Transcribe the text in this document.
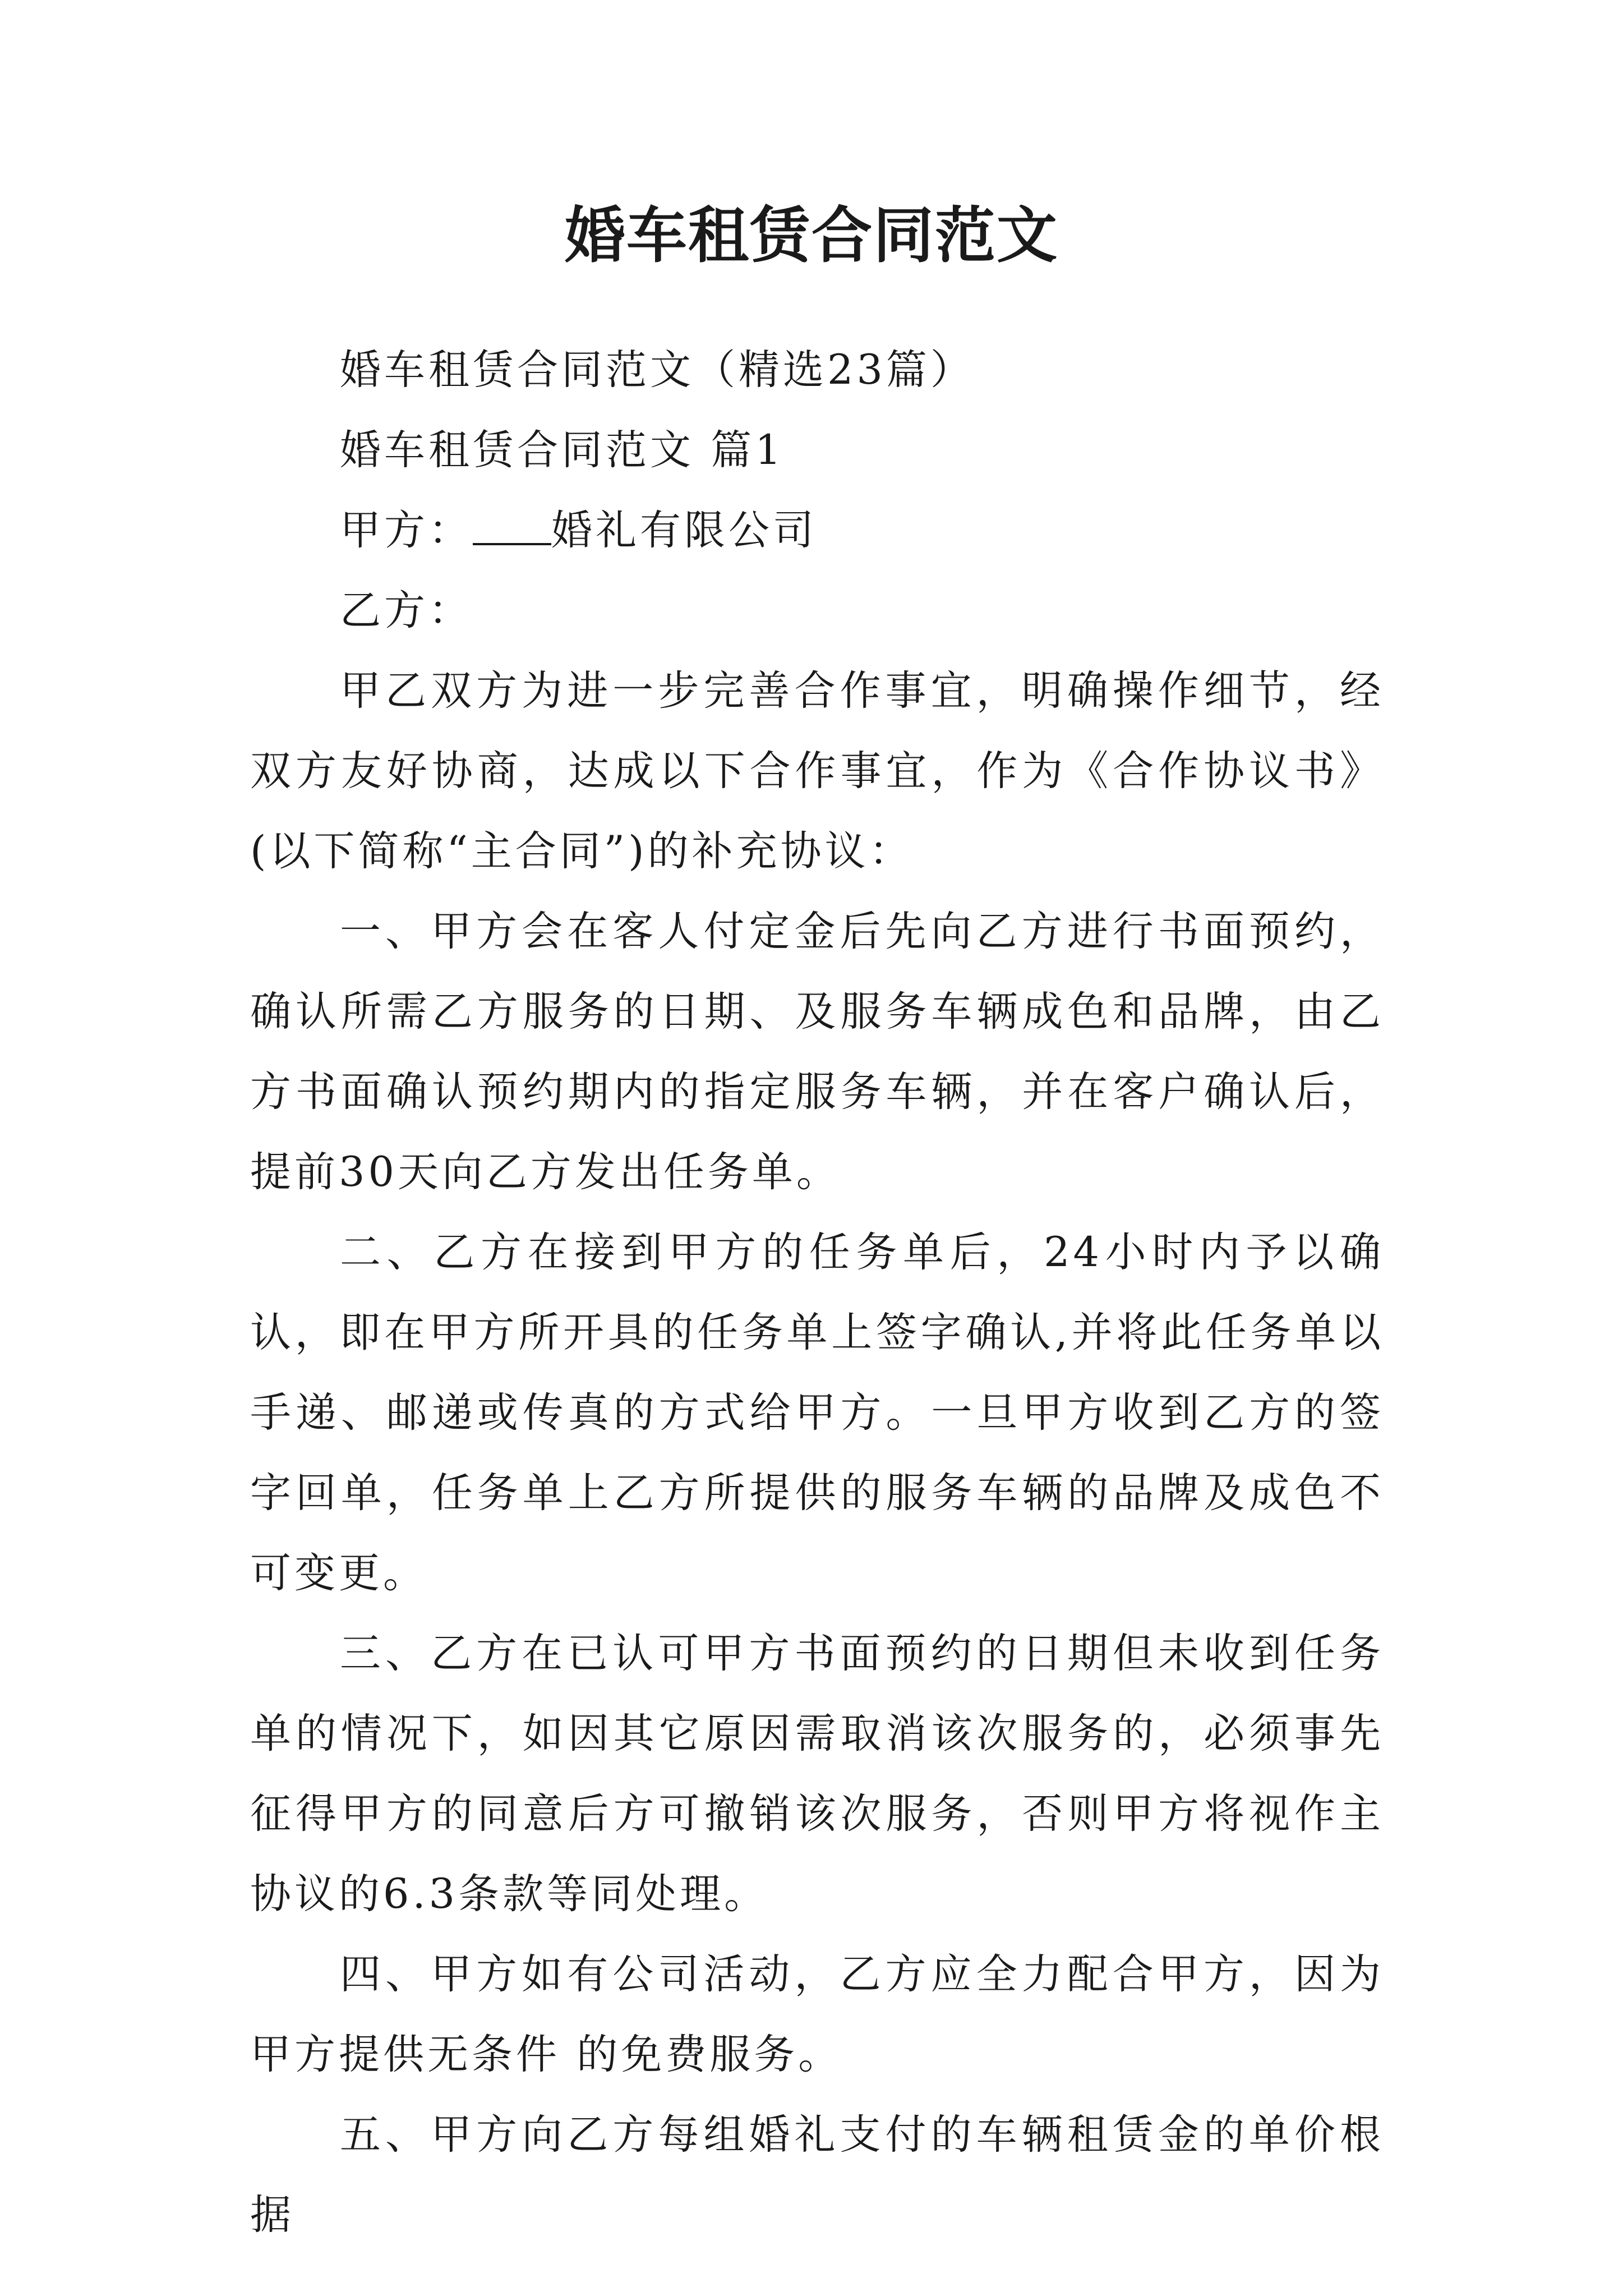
婚车租赁合同范文

婚车租赁合同范文（精选23篇）

婚车租赁合同范文 篇1

甲方： 婚礼有限公司

乙方：

甲乙双方为进一步完善合作事宜，明确操作细节，经双方友好协商，达成以下合作事宜，作为《合作协议书》(以下简称“主合同”)的补充协议：

一、甲方会在客人付定金后先向乙方进行书面预约，确认所需乙方服务的日期、及服务车辆成色和品牌，由乙方书面确认预约期内的指定服务车辆，并在客户确认后，提前30天向乙方发出任务单。

二、乙方在接到甲方的任务单后，24小时内予以确认，即在甲方所开具的任务单上签字确认,并将此任务单以手递、邮递或传真的方式给甲方。一旦甲方收到乙方的签字回单，任务单上乙方所提供的服务车辆的品牌及成色不可变更。

三、乙方在已认可甲方书面预约的日期但未收到任务单的情况下，如因其它原因需取消该次服务的，必须事先征得甲方的同意后方可撤销该次服务，否则甲方将视作主协议的6.3条款等同处理。

四、甲方如有公司活动，乙方应全力配合甲方，因为甲方提供无条件 的免费服务。

五、甲方向乙方每组婚礼支付的车辆租赁金的单价根据
